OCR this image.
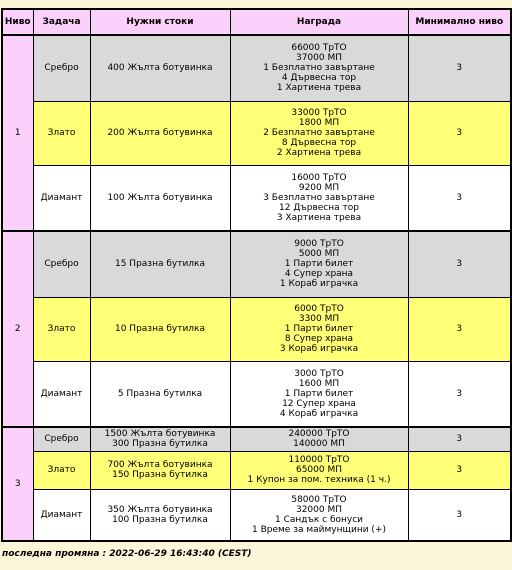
Ниво	Задача	Нужни стоки	Награда	Минимално ниво
1	Сребро	400 Жълта ботувинка	66000 ТрТО
37000 МП
1 Безплатно завъртане
4 Дървесна тор
1 Хартиена трева	3
	Злато	200 Жълта ботувинка	33000 ТрТО
1800 МП
2 Безплатно завъртане
8 Дървесна тор
2 Хартиена трева	3
	Диамант	100 Жълта ботувинка	16000 ТрТО
9200 МП
3 Безплатно завъртане
12 Дървесна тор
3 Хартиена трева	3
2	Сребро	15 Празна бутилка	9000 ТрТО
5000 МП
1 Парти билет
4 Супер храна
1 Кораб играчка	3
	Злато	10 Празна бутилка	6000 ТрТО
3300 МП
1 Парти билет
8 Супер храна
3 Кораб играчка	3
	Диамант	5 Празна бутилка	3000 ТрТО
1600 МП
1 Парти билет
12 Супер храна
4 Кораб играчка	3
3	Сребро	1500 Жълта ботувинка
300 Празна бутилка	240000 ТрТО
140000 МП	3
	Злато	700 Жълта ботувинка
150 Празна бутилка	110000 ТрТО
65000 МП
1 Купон за пом. техника (1 ч.)	3
	Диамант	350 Жълта ботувинка
100 Празна бутилка	58000 ТрТО
32000 МП
1 Сандък с бонуси
1 Време за маймунщини (+)	3
последна промяна : 2022-06-29 16:43:40 (CEST)
